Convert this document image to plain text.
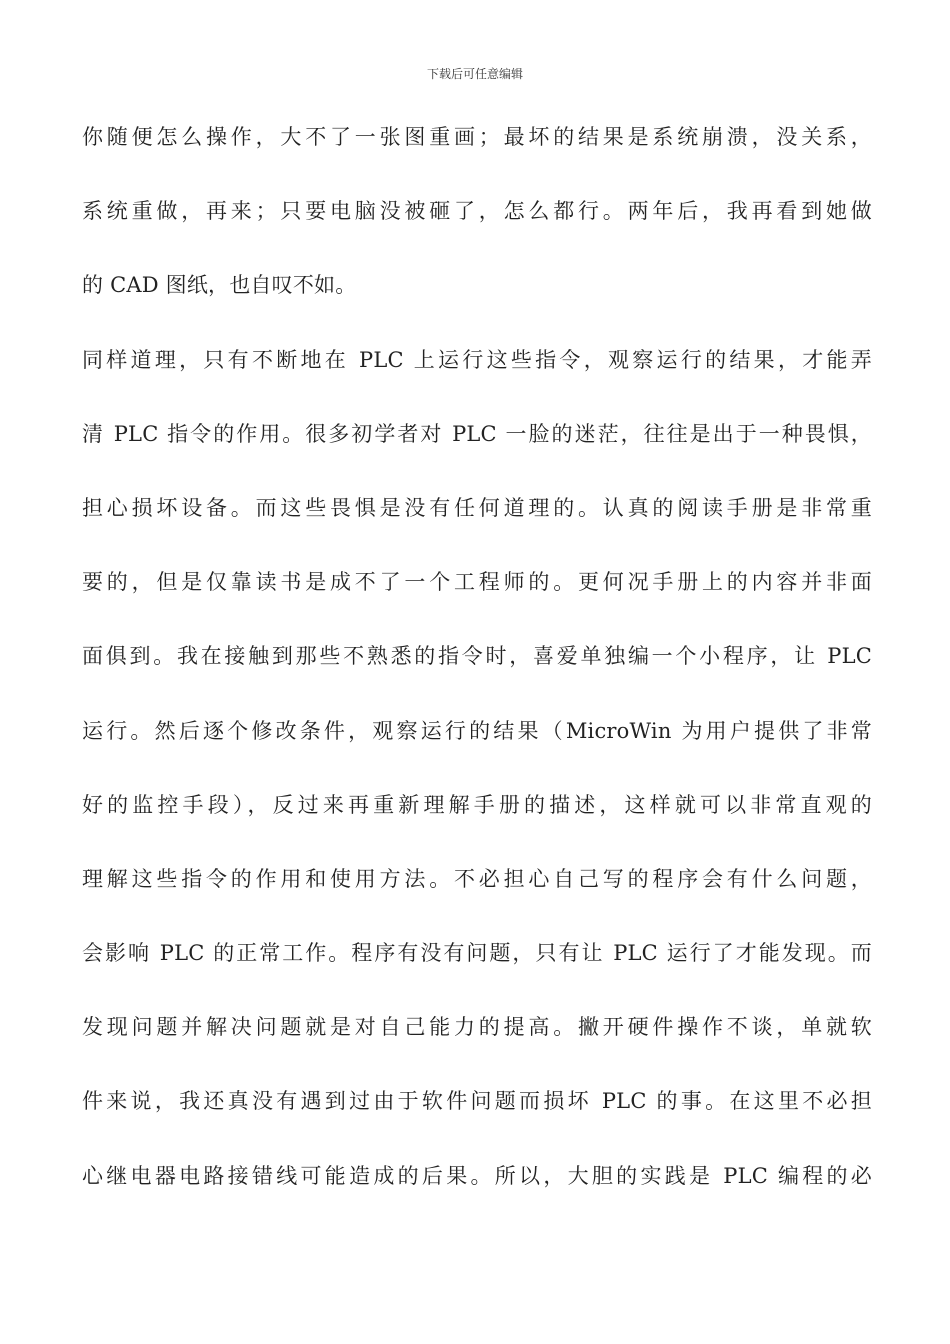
下载后可任意编辑
你随便怎么操作，大不了一张图重画；最坏的结果是系统崩溃，没关系，
系统重做，再来；只要电脑没被砸了，怎么都行。两年后，我再看到她做
的 CAD 图纸，也自叹不如。
同样道理，只有不断地在 PLC 上运行这些指令，观察运行的结果，才能弄
清 PLC 指令的作用。很多初学者对 PLC 一脸的迷茫，往往是出于一种畏惧，
担心损坏设备。而这些畏惧是没有任何道理的。认真的阅读手册是非常重
要的，但是仅靠读书是成不了一个工程师的。更何况手册上的内容并非面
面俱到。我在接触到那些不熟悉的指令时，喜爱单独编一个小程序，让 PLC
运行。然后逐个修改条件，观察运行的结果（MicroWin 为用户提供了非常
好的监控手段），反过来再重新理解手册的描述，这样就可以非常直观的
理解这些指令的作用和使用方法。不必担心自己写的程序会有什么问题，
会影响 PLC 的正常工作。程序有没有问题，只有让 PLC 运行了才能发现。而
发现问题并解决问题就是对自己能力的提高。撇开硬件操作不谈，单就软
件来说，我还真没有遇到过由于软件问题而损坏 PLC 的事。在这里不必担
心继电器电路接错线可能造成的后果。所以，大胆的实践是 PLC 编程的必
